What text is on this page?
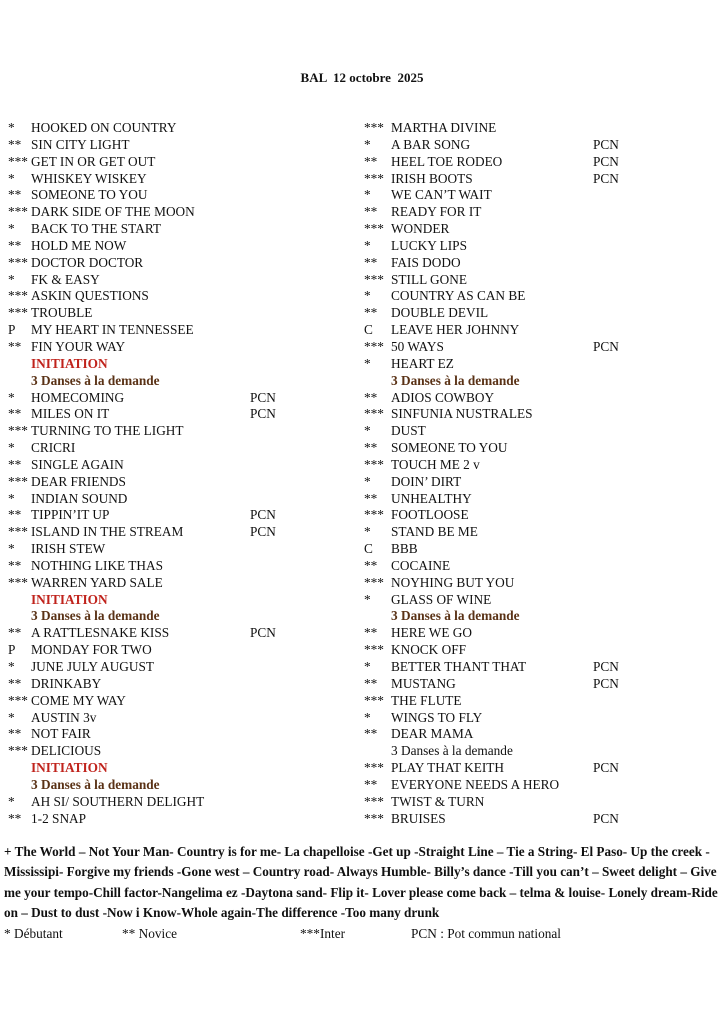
BAL  12 octobre  2025
* HOOKED ON COUNTRY
** SIN CITY LIGHT
*** GET IN OR GET OUT
* WHISKEY WISKEY
** SOMEONE TO YOU
*** DARK SIDE OF THE MOON
* BACK TO THE START
** HOLD ME NOW
*** DOCTOR DOCTOR
* FK & EASY
*** ASKIN QUESTIONS
*** TROUBLE
P MY HEART IN TENNESSEE
** FIN YOUR WAY
INITIATION
3 Danses à la demande
* HOMECOMING	PCN
** MILES ON IT	PCN
*** TURNING TO THE LIGHT
* CRICRI
** SINGLE AGAIN
*** DEAR FRIENDS
* INDIAN SOUND
** TIPPIN’IT UP	PCN
*** ISLAND IN THE STREAM	PCN
* IRISH STEW
** NOTHING LIKE THAS
*** WARREN YARD SALE
INITIATION
3 Danses à la demande
** A RATTLESNAKE KISS	PCN
P MONDAY FOR TWO
* JUNE JULY AUGUST
** DRINKABY
*** COME MY WAY
* AUSTIN 3v
** NOT FAIR
*** DELICIOUS
INITIATION
3 Danses à la demande
* AH SI/ SOUTHERN DELIGHT
** 1-2 SNAP
*** MARTHA DIVINE
* A BAR SONG	PCN
** HEEL TOE RODEO	PCN
*** IRISH BOOTS	PCN
* WE CAN’T WAIT
** READY FOR IT
*** WONDER
* LUCKY LIPS
** FAIS DODO
*** STILL GONE
* COUNTRY AS CAN BE
** DOUBLE DEVIL
C LEAVE HER JOHNNY
*** 50 WAYS	PCN
* HEART EZ
3 Danses à la demande
** ADIOS COWBOY
*** SINFUNIA NUSTRALES
* DUST
** SOMEONE TO YOU
*** TOUCH ME 2 v
* DOIN’ DIRT
** UNHEALTHY
*** FOOTLOOSE
* STAND BE ME
C BBB
** COCAINE
*** NOYHING BUT YOU
* GLASS OF WINE
3 Danses à la demande
** HERE WE GO
*** KNOCK OFF
* BETTER THANT THAT	PCN
** MUSTANG	PCN
*** THE FLUTE
* WINGS TO FLY
** DEAR MAMA
3 Danses à la demande
*** PLAY THAT KEITH	PCN
** EVERYONE NEEDS A HERO
*** TWIST & TURN
*** BRUISES	PCN
+ The World – Not Your Man- Country is for me- La chapelloise -Get up -Straight Line – Tie a String- El Paso- Up the creek -Mississipi- Forgive my friends -Gone west – Country road- Always Humble- Billy’s dance -Till you can’t – Sweet delight – Give me your tempo-Chill factor-Nangelima ez -Daytona sand- Flip it- Lover please come back – telma & louise- Lonely dream-Ride on – Dust to dust -Now i Know-Whole again-The difference -Too many drunk
* Débutant	** Novice	***Inter	PCN : Pot commun national
